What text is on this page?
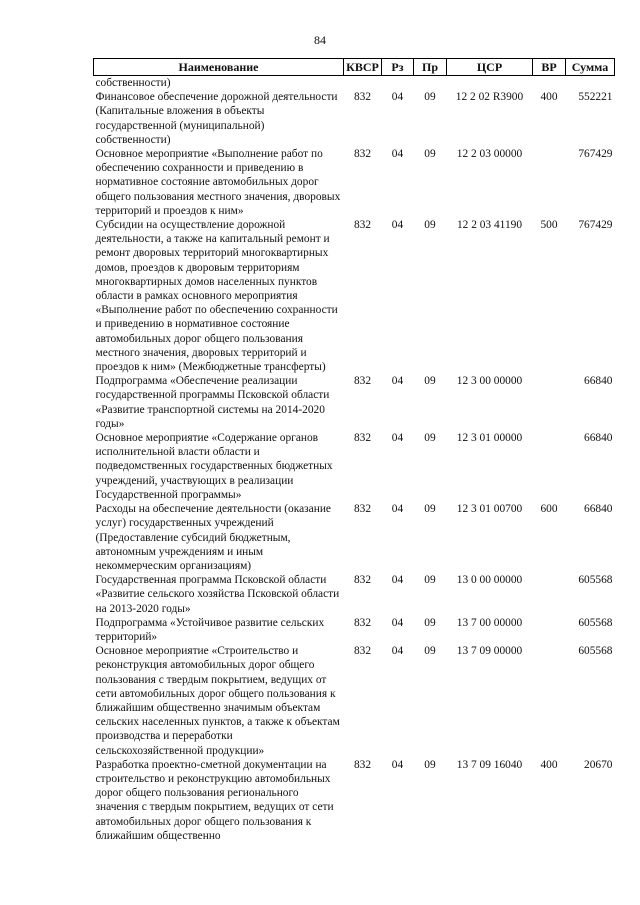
84
Наименование	КВСР	Рз	Пр	ЦСР	ВР	Сумма
собственности)						
Финансовое обеспечение дорожной деятельности (Капитальные вложения в объекты государственной (муниципальной) собственности)	832	04	09	12 2 02 R3900	400	552221
Основное мероприятие «Выполнение работ по обеспечению сохранности и приведению в нормативное состояние автомобильных дорог общего пользования местного значения, дворовых территорий и проездов к ним»	832	04	09	12 2 03 00000		767429
Субсидии на осуществление дорожной деятельности, а также на капитальный ремонт и ремонт дворовых территорий многоквартирных домов, проездов к дворовым территориям многоквартирных домов населенных пунктов области в рамках основного мероприятия «Выполнение работ по обеспечению сохранности и приведению в нормативное состояние автомобильных дорог общего пользования местного значения, дворовых территорий и проездов к ним» (Межбюджетные трансферты)	832	04	09	12 2 03 41190	500	767429
Подпрограмма «Обеспечение реализации государственной программы Псковской области «Развитие транспортной системы на 2014-2020 годы»	832	04	09	12 3 00 00000		66840
Основное мероприятие «Содержание органов исполнительной власти области и подведомственных государственных бюджетных учреждений, участвующих в реализации Государственной программы»	832	04	09	12 3 01 00000		66840
Расходы на обеспечение деятельности (оказание услуг) государственных учреждений (Предоставление субсидий бюджетным, автономным учреждениям и иным некоммерческим организациям)	832	04	09	12 3 01 00700	600	66840
Государственная программа Псковской области «Развитие сельского хозяйства Псковской области на 2013-2020 годы»	832	04	09	13 0 00 00000		605568
Подпрограмма «Устойчивое развитие сельских территорий»	832	04	09	13 7 00 00000		605568
Основное мероприятие «Строительство и реконструкция автомобильных дорог общего пользования с твердым покрытием, ведущих от сети автомобильных дорог общего пользования к ближайшим общественно значимым объектам сельских населенных пунктов, а также к объектам производства и переработки сельскохозяйственной продукции»	832	04	09	13 7 09 00000		605568
Разработка проектно-сметной документации на строительство и реконструкцию автомобильных дорог общего пользования регионального значения с твердым покрытием, ведущих от сети автомобильных дорог общего пользования к ближайшим общественно	832	04	09	13 7 09 16040	400	20670
